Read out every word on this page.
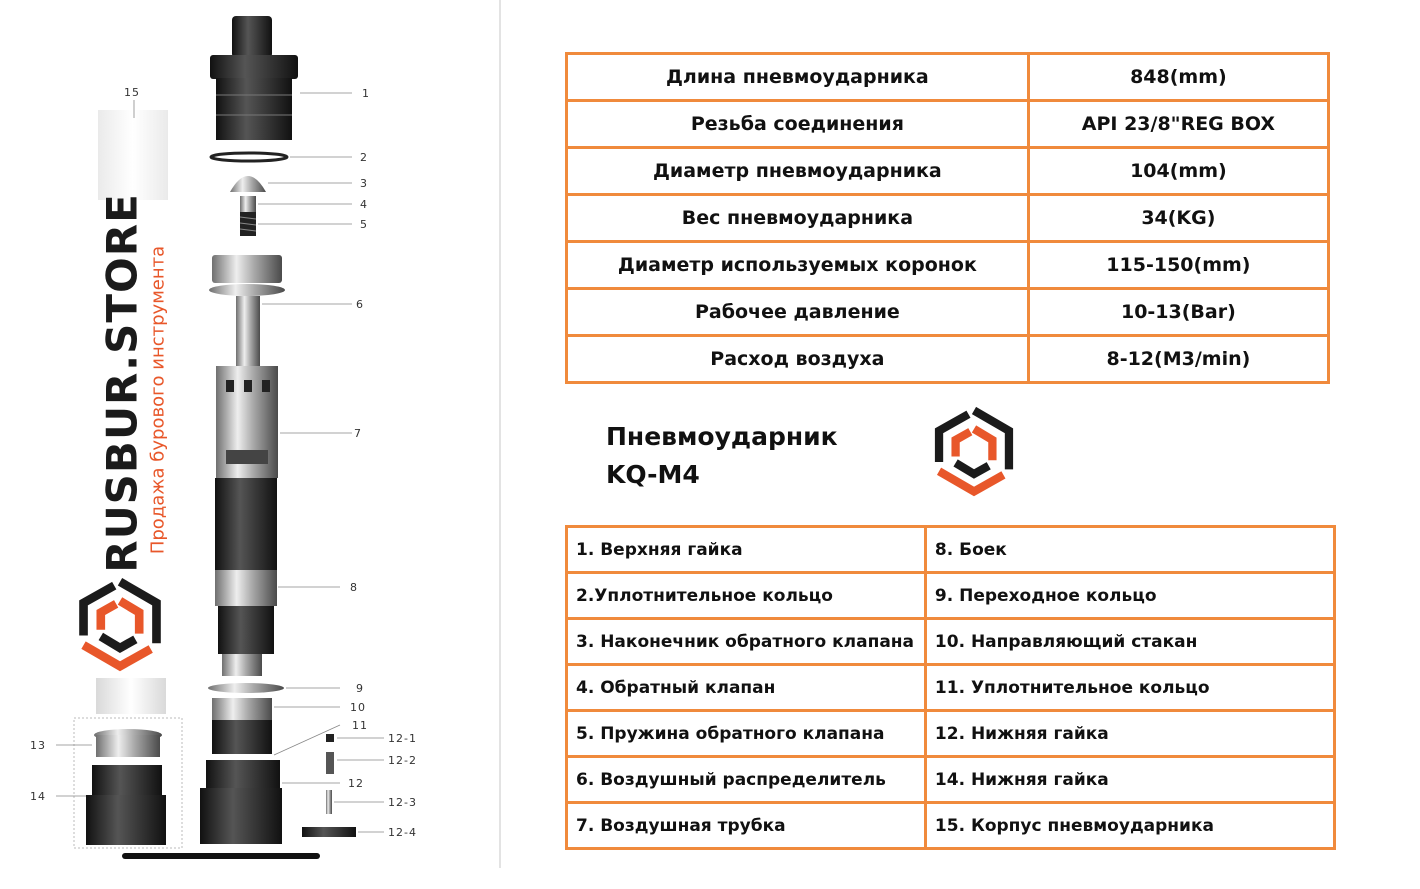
1
2
3
4
5
6
7
8
9
10
11
12
12-1
12-2
12-3
12-4
13
14
15
RUSBUR.STORE Продажа бурового инструмента
Длина пневмоударника	848(mm)
Резьба соединения	API 23/8"REG BOX
Диаметр пневмоударника	104(mm)
Вес пневмоударника	34(KG)
Диаметр используемых коронок	115-150(mm)
Рабочее давление	10-13(Bar)
Расход воздуха	8-12(M3/min)
Пневмоударник
KQ-M4
1. Верхняя гайка	8. Боек
2.Уплотнительное кольцо	9. Переходное кольцо
3. Наконечник обратного клапана	10. Направляющий стакан
4. Обратный клапан	11. Уплотнительное кольцо
5. Пружина обратного клапана	12. Нижняя гайка
6. Воздушный распределитель	14. Нижняя гайка
7. Воздушная трубка	15. Корпус пневмоударника
